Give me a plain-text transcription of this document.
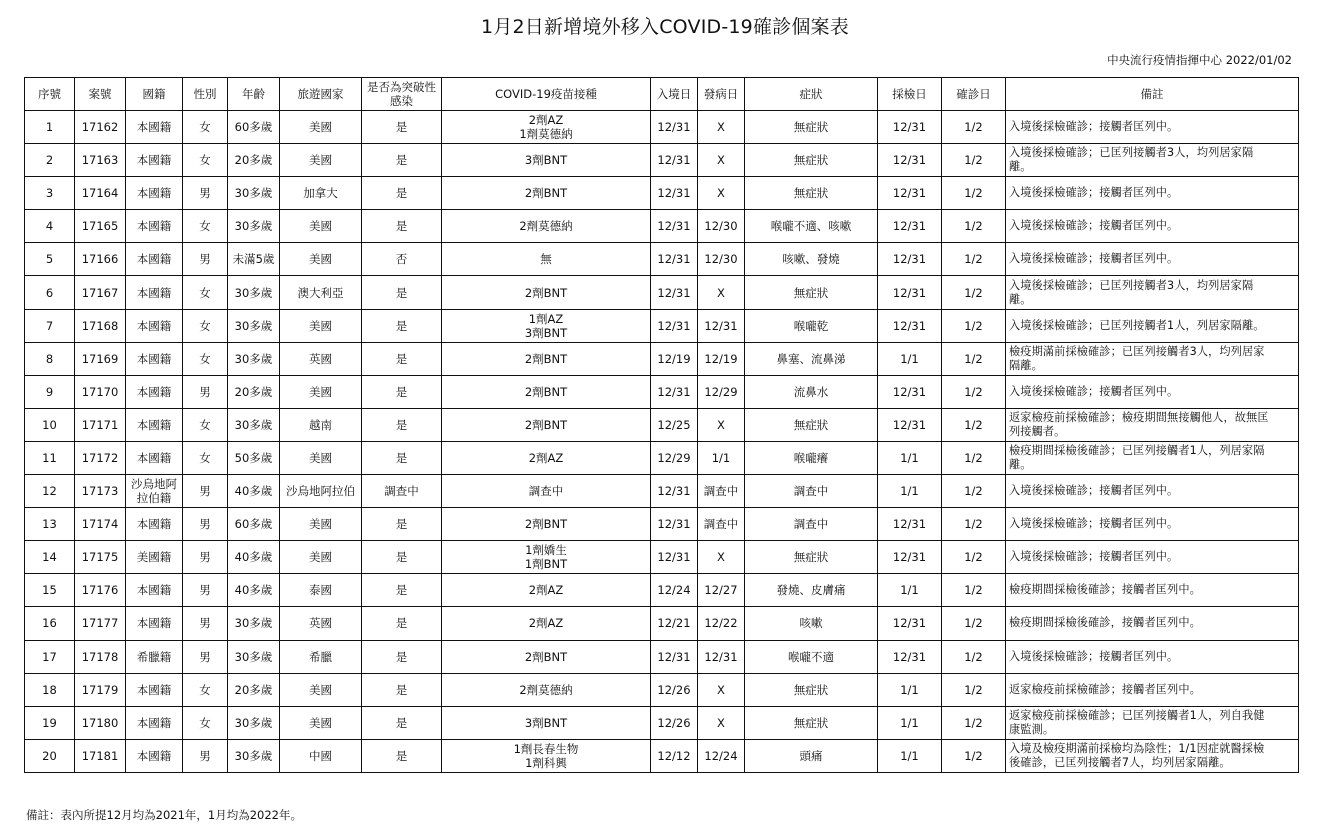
1月2日新增境外移入COVID-19確診個案表
中央流行疫情指揮中心 2022/01/02
序號	案號	國籍	性別	年齡	旅遊國家	是否為突破性
感染	COVID-19疫苗接種	入境日	發病日	症狀	採檢日	確診日	備註
1	17162	本國籍	女	60多歲	美國	是	2劑AZ
1劑莫德納	12/31	X	無症狀	12/31	1/2	入境後採檢確診；接觸者匡列中。
2	17163	本國籍	女	20多歲	美國	是	3劑BNT	12/31	X	無症狀	12/31	1/2	入境後採檢確診；已匡列接觸者3人，均列居家隔
離。
3	17164	本國籍	男	30多歲	加拿大	是	2劑BNT	12/31	X	無症狀	12/31	1/2	入境後採檢確診；接觸者匡列中。
4	17165	本國籍	女	30多歲	美國	是	2劑莫德納	12/31	12/30	喉嚨不適、咳嗽	12/31	1/2	入境後採檢確診；接觸者匡列中。
5	17166	本國籍	男	未滿5歲	美國	否	無	12/31	12/30	咳嗽、發燒	12/31	1/2	入境後採檢確診；接觸者匡列中。
6	17167	本國籍	女	30多歲	澳大利亞	是	2劑BNT	12/31	X	無症狀	12/31	1/2	入境後採檢確診；已匡列接觸者3人，均列居家隔
離。
7	17168	本國籍	女	30多歲	美國	是	1劑AZ
3劑BNT	12/31	12/31	喉嚨乾	12/31	1/2	入境後採檢確診；已匡列接觸者1人，列居家隔離。
8	17169	本國籍	女	30多歲	英國	是	2劑BNT	12/19	12/19	鼻塞、流鼻涕	1/1	1/2	檢疫期滿前採檢確診；已匡列接觸者3人，均列居家
隔離。
9	17170	本國籍	男	20多歲	美國	是	2劑BNT	12/31	12/29	流鼻水	12/31	1/2	入境後採檢確診；接觸者匡列中。
10	17171	本國籍	女	30多歲	越南	是	2劑BNT	12/25	X	無症狀	12/31	1/2	返家檢疫前採檢確診；檢疫期間無接觸他人，故無匡
列接觸者。
11	17172	本國籍	女	50多歲	美國	是	2劑AZ	12/29	1/1	喉嚨癢	1/1	1/2	檢疫期間採檢後確診；已匡列接觸者1人，列居家隔
離。
12	17173	沙烏地阿
拉伯籍	男	40多歲	沙烏地阿拉伯	調查中	調查中	12/31	調查中	調查中	1/1	1/2	入境後採檢確診；接觸者匡列中。
13	17174	本國籍	男	60多歲	美國	是	2劑BNT	12/31	調查中	調查中	12/31	1/2	入境後採檢確診；接觸者匡列中。
14	17175	美國籍	男	40多歲	美國	是	1劑嬌生
1劑BNT	12/31	X	無症狀	12/31	1/2	入境後採檢確診；接觸者匡列中。
15	17176	本國籍	男	40多歲	泰國	是	2劑AZ	12/24	12/27	發燒、皮膚痛	1/1	1/2	檢疫期間採檢後確診；接觸者匡列中。
16	17177	本國籍	男	30多歲	英國	是	2劑AZ	12/21	12/22	咳嗽	12/31	1/2	檢疫期間採檢後確診，接觸者匡列中。
17	17178	希臘籍	男	30多歲	希臘	是	2劑BNT	12/31	12/31	喉嚨不適	12/31	1/2	入境後採檢確診；接觸者匡列中。
18	17179	本國籍	女	20多歲	美國	是	2劑莫德納	12/26	X	無症狀	1/1	1/2	返家檢疫前採檢確診；接觸者匡列中。
19	17180	本國籍	女	30多歲	美國	是	3劑BNT	12/26	X	無症狀	1/1	1/2	返家檢疫前採檢確診；已匡列接觸者1人，列自我健
康監測。
20	17181	本國籍	男	30多歲	中國	是	1劑長春生物
1劑科興	12/12	12/24	頭痛	1/1	1/2	入境及檢疫期滿前採檢均為陰性；1/1因症就醫採檢
後確診，已匡列接觸者7人，均列居家隔離。
備註：表內所提12月均為2021年，1月均為2022年。
